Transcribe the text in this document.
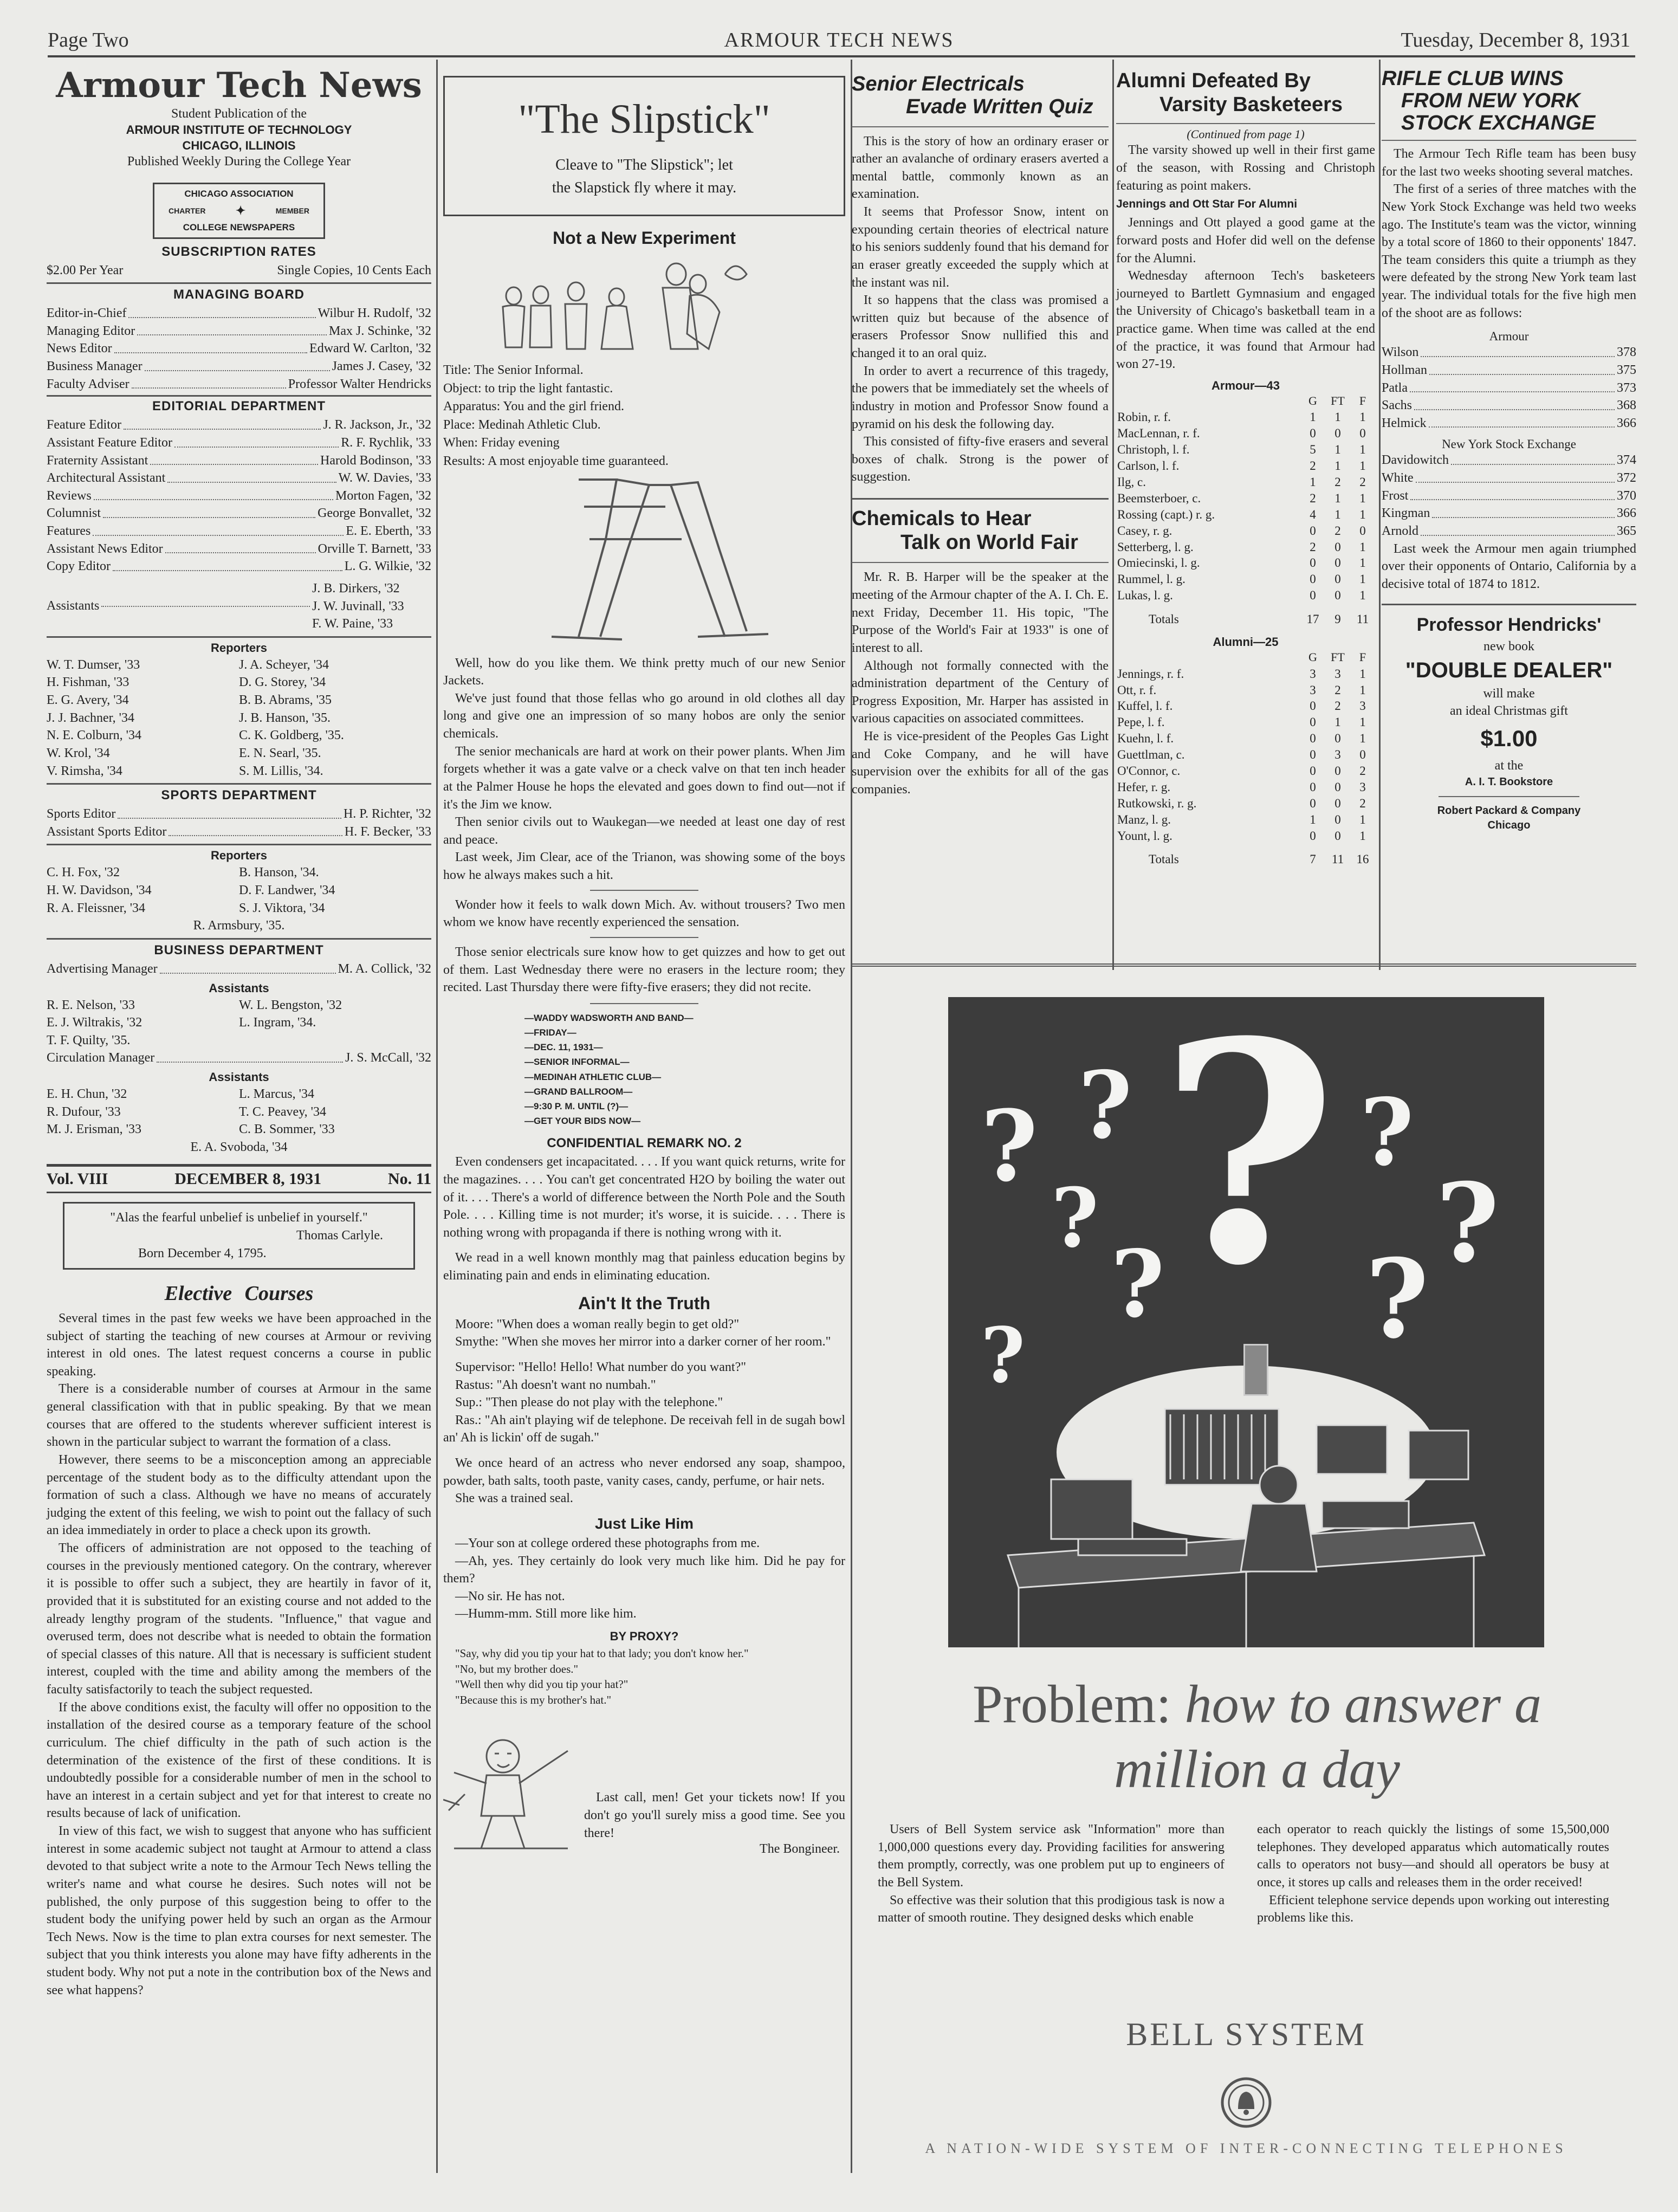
Page Two	ARMOUR TECH NEWS	Tuesday, December 8, 1931
Armour Tech News
Student Publication of the
ARMOUR INSTITUTE OF TECHNOLOGY
CHICAGO, ILLINOIS
Published Weekly During the College Year
CHICAGO ASSOCIATION
CHARTER	✦	MEMBER
COLLEGE NEWSPAPERS
SUBSCRIPTION RATES
$2.00 Per Year	Single Copies, 10 Cents Each
MANAGING BOARD
Editor-in-Chief	Wilbur H. Rudolf, '32
Managing Editor	Max J. Schinke, '32
News Editor	Edward W. Carlton, '32
Business Manager	James J. Casey, '32
Faculty Adviser	Professor Walter Hendricks
EDITORIAL DEPARTMENT
Feature Editor	J. R. Jackson, Jr., '32
Assistant Feature Editor	R. F. Rychlik, '33
Fraternity Assistant	Harold Bodinson, '33
Architectural Assistant	W. W. Davies, '33
Reviews	Morton Fagen, '32
Columnist	George Bonvallet, '32
Features	E. E. Eberth, '33
Assistant News Editor	Orville T. Barnett, '33
Copy Editor	L. G. Wilkie, '32
Assistants
J. B. Dirkers, '32
J. W. Juvinall, '33
F. W. Paine, '33
Reporters
W. T. Dumser, '33	J. A. Scheyer, '34
H. Fishman, '33	D. G. Storey, '34
E. G. Avery, '34	B. B. Abrams, '35
J. J. Bachner, '34	J. B. Hanson, '35.
N. E. Colburn, '34	C. K. Goldberg, '35.
W. Krol, '34	E. N. Searl, '35.
V. Rimsha, '34	S. M. Lillis, '34.
SPORTS DEPARTMENT
Sports Editor	H. P. Richter, '32
Assistant Sports Editor	H. F. Becker, '33
Reporters
C. H. Fox, '32	B. Hanson, '34.
H. W. Davidson, '34	D. F. Landwer, '34
R. A. Fleissner, '34	S. J. Viktora, '34
R. Armsbury, '35.
BUSINESS DEPARTMENT
Advertising Manager	M. A. Collick, '32
Assistants
R. E. Nelson, '33	W. L. Bengston, '32
E. J. Wiltrakis, '32	L. Ingram, '34.
T. F. Quilty, '35.
Circulation Manager	J. S. McCall, '32
Assistants
E. H. Chun, '32	L. Marcus, '34
R. Dufour, '33	T. C. Peavey, '34
M. J. Erisman, '33	C. B. Sommer, '33
E. A. Svoboda, '34
Vol. VIII	DECEMBER 8, 1931	No. 11
"Alas the fearful unbelief is unbelief in yourself."
Thomas Carlyle.
Born December 4, 1795.
Elective Courses

Several times in the past few weeks we have been approached in the subject of starting the teaching of new courses at Armour or reviving interest in old ones. The latest request concerns a course in public speaking.

There is a considerable number of courses at Armour in the same general classification with that in public speaking. By that we mean courses that are offered to the students wherever sufficient interest is shown in the particular subject to warrant the formation of a class.

However, there seems to be a misconception among an appreciable percentage of the student body as to the difficulty attendant upon the formation of such a class. Although we have no means of accurately judging the extent of this feeling, we wish to point out the fallacy of such an idea immediately in order to place a check upon its growth.

The officers of administration are not opposed to the teaching of courses in the previously mentioned category. On the contrary, wherever it is possible to offer such a subject, they are heartily in favor of it, provided that it is substituted for an existing course and not added to the already lengthy program of the students. "Influence," that vague and overused term, does not describe what is needed to obtain the formation of special classes of this nature. All that is necessary is sufficient student interest, coupled with the time and ability among the members of the faculty satisfactorily to teach the subject requested.

If the above conditions exist, the faculty will offer no opposition to the installation of the desired course as a temporary feature of the school curriculum. The chief difficulty in the path of such action is the determination of the existence of the first of these conditions. It is undoubtedly possible for a considerable number of men in the school to have an interest in a certain subject and yet for that interest to create no results because of lack of unification.

In view of this fact, we wish to suggest that anyone who has sufficient interest in some academic subject not taught at Armour to attend a class devoted to that subject write a note to the Armour Tech News telling the writer's name and what course he desires. Such notes will not be published, the only purpose of this suggestion being to offer to the student body the unifying power held by such an organ as the Armour Tech News. Now is the time to plan extra courses for next semester. The subject that you think interests you alone may have fifty adherents in the student body. Why not put a note in the contribution box of the News and see what happens?

"The Slipstick"
Cleave to "The Slipstick"; let
the Slapstick fly where it may.
Not a New Experiment
Title: The Senior Informal.
Object: to trip the light fantastic.
Apparatus: You and the girl friend.
Place: Medinah Athletic Club.
When: Friday evening
Results: A most enjoyable time guaranteed.

Well, how do you like them. We think pretty much of our new Senior Jackets.

We've just found that those fellas who go around in old clothes all day long and give one an impression of so many hobos are only the senior chemicals.

The senior mechanicals are hard at work on their power plants. When Jim forgets whether it was a gate valve or a check valve on that ten inch header at the Palmer House he hops the elevated and goes down to find out—not if it's the Jim we know.

Then senior civils out to Waukegan—we needed at least one day of rest and peace.

Last week, Jim Clear, ace of the Trianon, was showing some of the boys how he always makes such a hit.

Wonder how it feels to walk down Mich. Av. without trousers? Two men whom we know have recently experienced the sensation.

Those senior electricals sure know how to get quizzes and how to get out of them. Last Wednesday there were no erasers in the lecture room; they recited. Last Thursday there were fifty-five erasers; they did not recite.

—WADDY WADSWORTH AND BAND—
—FRIDAY—
—DEC. 11, 1931—
—SENIOR INFORMAL—
—MEDINAH ATHLETIC CLUB—
—GRAND BALLROOM—
—9:30 P. M. UNTIL (?)—
—GET YOUR BIDS NOW—
CONFIDENTIAL REMARK NO. 2

Even condensers get incapacitated. . . . If you want quick returns, write for the magazines. . . . You can't get concentrated H2O by boiling the water out of it. . . . There's a world of difference between the North Pole and the South Pole. . . . Killing time is not murder; it's worse, it is suicide. . . . There is nothing wrong with propaganda if there is nothing wrong with it.

We read in a well known monthly mag that painless education begins by eliminating pain and ends in eliminating education.

Ain't It the Truth

Moore: "When does a woman really begin to get old?"

Smythe: "When she moves her mirror into a darker corner of her room."

Supervisor: "Hello! Hello! What number do you want?"

Rastus: "Ah doesn't want no numbah."

Sup.: "Then please do not play with the telephone."

Ras.: "Ah ain't playing wif de telephone. De receivah fell in de sugah bowl an' Ah is lickin' off de sugah."

We once heard of an actress who never endorsed any soap, shampoo, powder, bath salts, tooth paste, vanity cases, candy, perfume, or hair nets.

She was a trained seal.

Just Like Him

—Your son at college ordered these photographs from me.

—Ah, yes. They certainly do look very much like him. Did he pay for them?

—No sir. He has not.

—Humm-mm. Still more like him.

BY PROXY?

"Say, why did you tip your hat to that lady; you don't know her."

"No, but my brother does."

"Well then why did you tip your hat?"

"Because this is my brother's hat."

Last call, men! Get your tickets now! If you don't go you'll surely miss a good time. See you there!

The Bongineer.
Senior Electricals
Evade Written Quiz

This is the story of how an ordinary eraser or rather an avalanche of ordinary erasers averted a mental battle, commonly known as an examination.

It seems that Professor Snow, intent on expounding certain theories of electrical nature to his seniors suddenly found that his demand for an eraser greatly exceeded the supply which at the instant was nil.

It so happens that the class was promised a written quiz but because of the absence of erasers Professor Snow nullified this and changed it to an oral quiz.

In order to avert a recurrence of this tragedy, the powers that be immediately set the wheels of industry in motion and Professor Snow found a pyramid on his desk the following day.

This consisted of fifty-five erasers and several boxes of chalk. Strong is the power of suggestion.

Chemicals to Hear
Talk on World Fair

Mr. R. B. Harper will be the speaker at the meeting of the Armour chapter of the A. I. Ch. E. next Friday, December 11. His topic, "The Purpose of the World's Fair at 1933" is one of interest to all.

Although not formally connected with the administration department of the Century of Progress Exposition, Mr. Harper has assisted in various capacities on associated committees.

He is vice-president of the Peoples Gas Light and Coke Company, and he will have supervision over the exhibits for all of the gas companies.

Alumni Defeated By
Varsity Basketeers
(Continued from page 1)

The varsity showed up well in their first game of the season, with Rossing and Christoph featuring as point makers.

Jennings and Ott Star For Alumni

Jennings and Ott played a good game at the forward posts and Hofer did well on the defense for the Alumni.

Wednesday afternoon Tech's basketeers journeyed to Bartlett Gymnasium and engaged the University of Chicago's basketball team in a practice game. When time was called at the end of the practice, it was found that Armour had won 27-19.

Armour—43
	G	FT	F
Robin, r. f.	1	1	1
MacLennan, r. f.	0	0	0
Christoph, l. f.	5	1	1
Carlson, l. f.	2	1	1
Ilg, c.	1	2	2
Beemsterboer, c.	2	1	1
Rossing (capt.) r. g.	4	1	1
Casey, r. g.	0	2	0
Setterberg, l. g.	2	0	1
Omiecinski, l. g.	0	0	1
Rummel, l. g.	0	0	1
Lukas, l. g.	0	0	1

Totals	17	9	11
Alumni—25
	G	FT	F
Jennings, r. f.	3	3	1
Ott, r. f.	3	2	1
Kuffel, l. f.	0	2	3
Pepe, l. f.	0	1	1
Kuehn, l. f.	0	0	1
Guettlman, c.	0	3	0
O'Connor, c.	0	0	2
Hefer, r. g.	0	0	3
Rutkowski, r. g.	0	0	2
Manz, l. g.	1	0	1
Yount, l. g.	0	0	1

Totals	7	11	16
RIFLE CLUB WINS
FROM NEW YORK
STOCK EXCHANGE

The Armour Tech Rifle team has been busy for the last two weeks shooting several matches.

The first of a series of three matches with the New York Stock Exchange was held two weeks ago. The Institute's team was the victor, winning by a total score of 1860 to their opponents' 1847. The team considers this quite a triumph as they were defeated by the strong New York team last year. The individual totals for the five high men of the shoot are as follows:

Armour
Wilson	378
Hollman	375
Patla	373
Sachs	368
Helmick	366
New York Stock Exchange
Davidowitch	374
White	372
Frost	370
Kingman	366
Arnold	365

Last week the Armour men again triumphed over their opponents of Ontario, California by a decisive total of 1874 to 1812.

Professor Hendricks'
new book
"DOUBLE DEALER"
will make
an ideal Christmas gift
$1.00
at the
A. I. T. Bookstore
Robert Packard & Company
Chicago
?
? ?
?
?
?
?
?
?
Problem: how to answer a
million a day

Users of Bell System service ask "Information" more than 1,000,000 questions every day. Providing facilities for answering them promptly, correctly, was one problem put up to engineers of the Bell System.

So effective was their solution that this prodigious task is now a matter of smooth routine. They designed desks which enable

each operator to reach quickly the listings of some 15,500,000 telephones. They developed apparatus which automatically routes calls to operators not busy—and should all operators be busy at once, it stores up calls and releases them in the order received!

Efficient telephone service depends upon working out interesting problems like this.

BELL SYSTEM
A NATION-WIDE SYSTEM OF INTER-CONNECTING TELEPHONES
